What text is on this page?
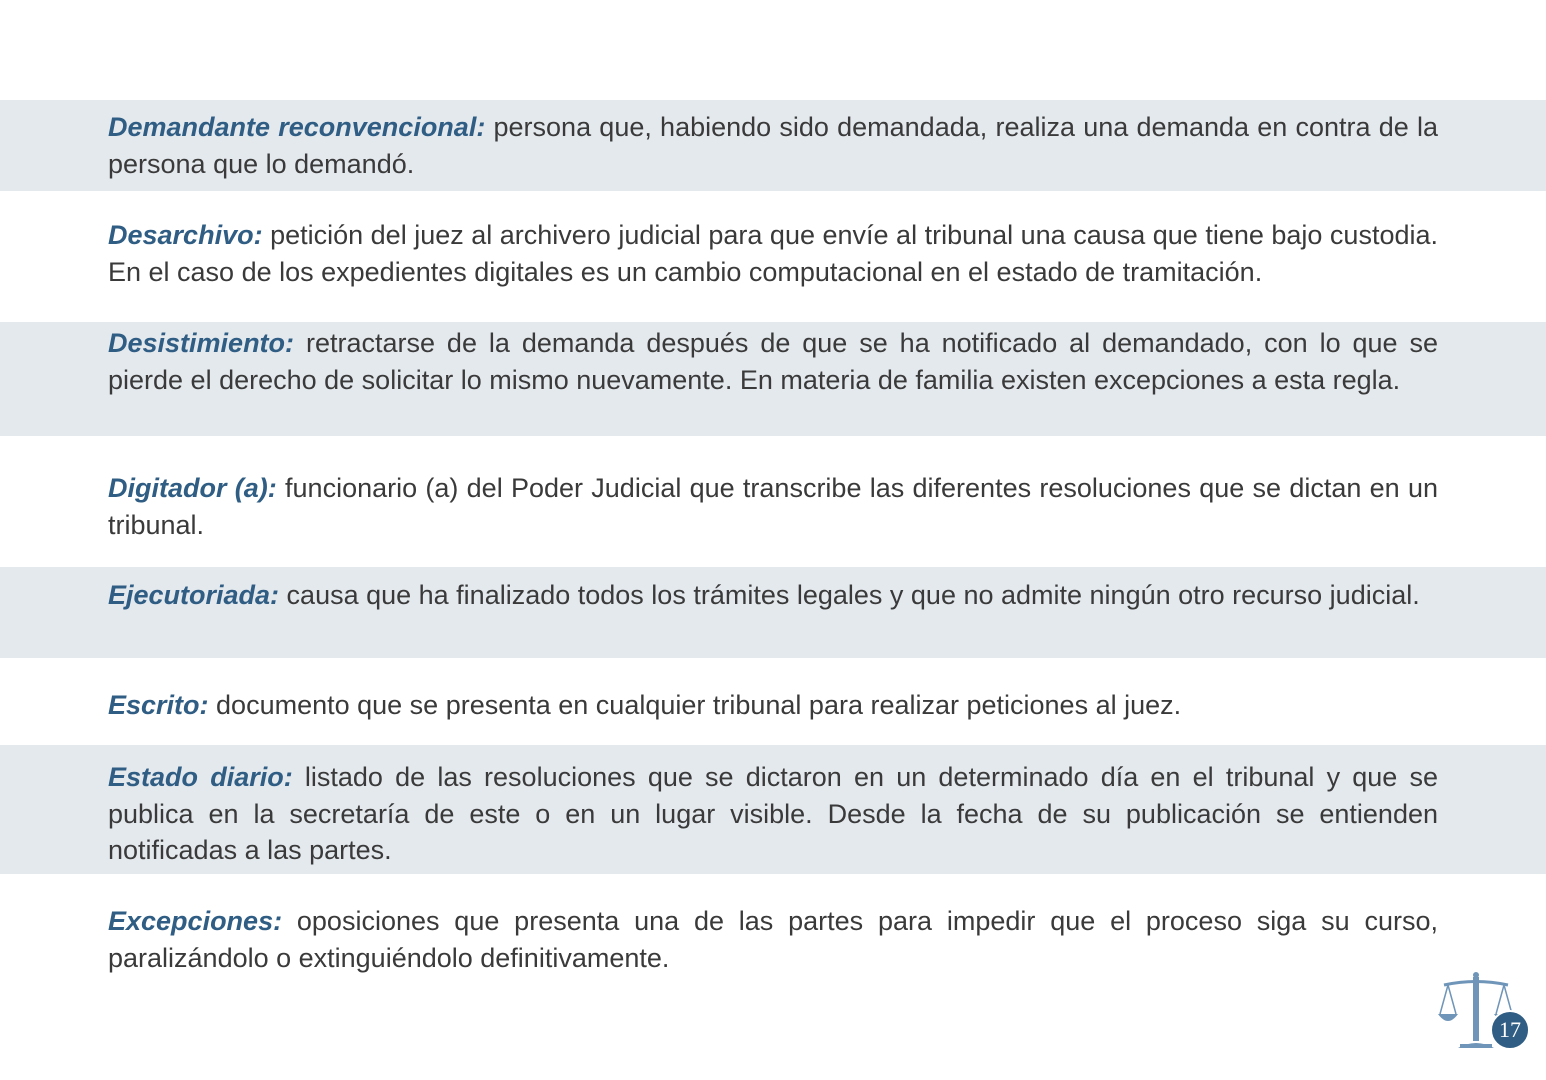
Demandante reconvencional: persona que, habiendo sido demandada, realiza una demanda en contra de la persona que lo demandó.

Desarchivo: petición del juez al archivero judicial para que envíe al tribunal una causa que tiene bajo custodia. En el caso de los expedientes digitales es un cambio computacional en el estado de tramitación.

Desistimiento: retractarse de la demanda después de que se ha notificado al demandado, con lo que se pierde el derecho de solicitar lo mismo nuevamente. En materia de familia existen excepciones a esta regla.

Digitador (a): funcionario (a) del Poder Judicial que transcribe las diferentes resoluciones que se dictan en un tribunal.

Ejecutoriada: causa que ha finalizado todos los trámites legales y que no admite ningún otro recurso judicial.

Escrito: documento que se presenta en cualquier tribunal para realizar peticiones al juez.

Estado diario: listado de las resoluciones que se dictaron en un determinado día en el tribunal y que se publica en la secretaría de este o en un lugar visible. Desde la fecha de su publicación se entienden notificadas a las partes.

Excepciones: oposiciones que presenta una de las partes para impedir que el proceso siga su curso, paralizándolo o extinguiéndolo definitivamente.

17
